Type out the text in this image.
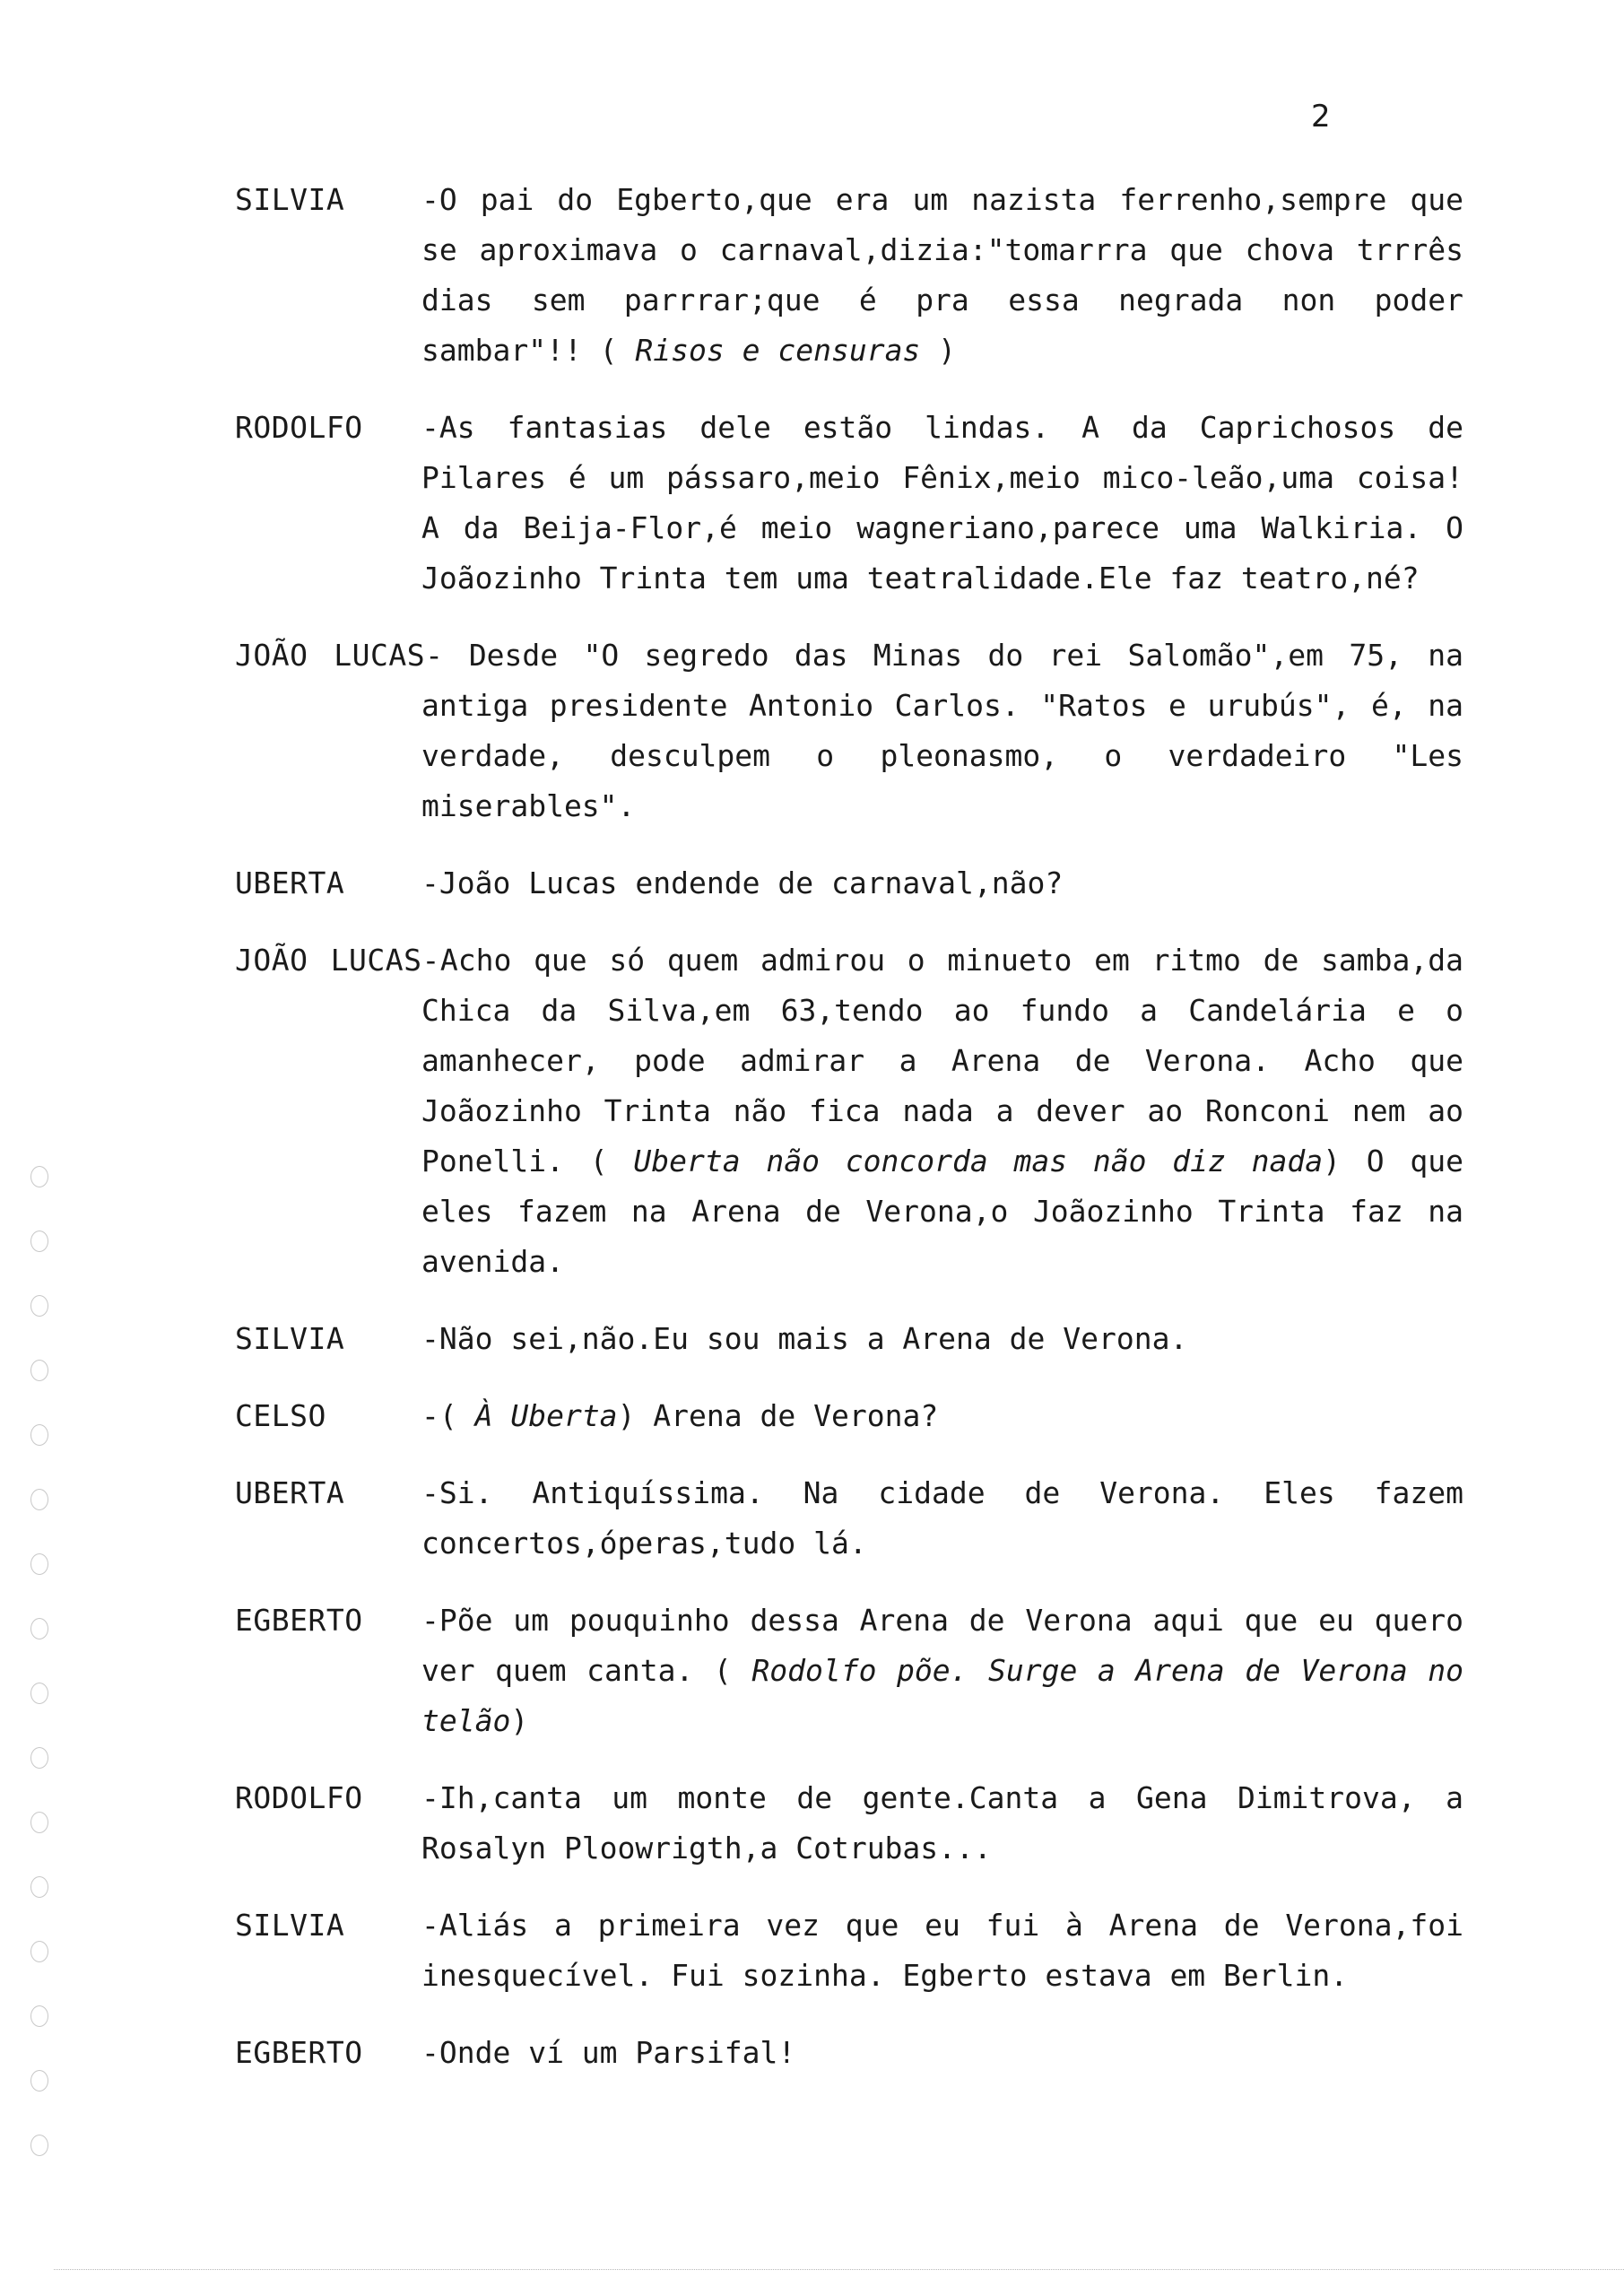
2
SILVIA	-O pai do Egberto,que era um nazista ferrenho,sempre que se aproximava o carnaval,dizia:"tomarrra que chova trrrês dias sem parrrar;que é pra essa negrada non poder sambar"!! ( Risos e censuras )
RODOLFO	-As fantasias dele estão lindas. A da Caprichosos de Pilares é um pássaro,meio Fênix,meio mico-leão,uma coisa! A da Beija-Flor,é meio wagneriano,parece uma Walkiria. O Joãozinho Trinta tem uma teatralidade.Ele faz teatro,né?
JOÃO LUCAS- Desde "O segredo das Minas do rei Salomão",em 75, na antiga presidente Antonio Carlos. "Ratos e urubús", é, na verdade, desculpem o pleonasmo, o verdadeiro "Les miserables".
UBERTA	-João Lucas endende de carnaval,não?
JOÃO LUCAS-Acho que só quem admirou o minueto em ritmo de samba,da Chica da Silva,em 63,tendo ao fundo a Candelária e o amanhecer, pode admirar a Arena de Verona. Acho que Joãozinho Trinta não fica nada a dever ao Ronconi nem ao Ponelli. ( Uberta não concorda mas não diz nada) O que eles fazem na Arena de Verona,o Joãozinho Trinta faz na avenida.
SILVIA	-Não sei,não.Eu sou mais a Arena de Verona.
CELSO	-( À Uberta) Arena de Verona?
UBERTA	-Si. Antiquíssima. Na cidade de Verona. Eles fazem concertos,óperas,tudo lá.
EGBERTO	-Põe um pouquinho dessa Arena de Verona aqui que eu quero ver quem canta. ( Rodolfo põe. Surge a Arena de Verona no telão)
RODOLFO	-Ih,canta um monte de gente.Canta a Gena Dimitrova, a Rosalyn Ploowrigth,a Cotrubas...
SILVIA	-Aliás a primeira vez que eu fui à Arena de Verona,foi inesquecível. Fui sozinha. Egberto estava em Berlin.
EGBERTO	-Onde ví um Parsifal!
